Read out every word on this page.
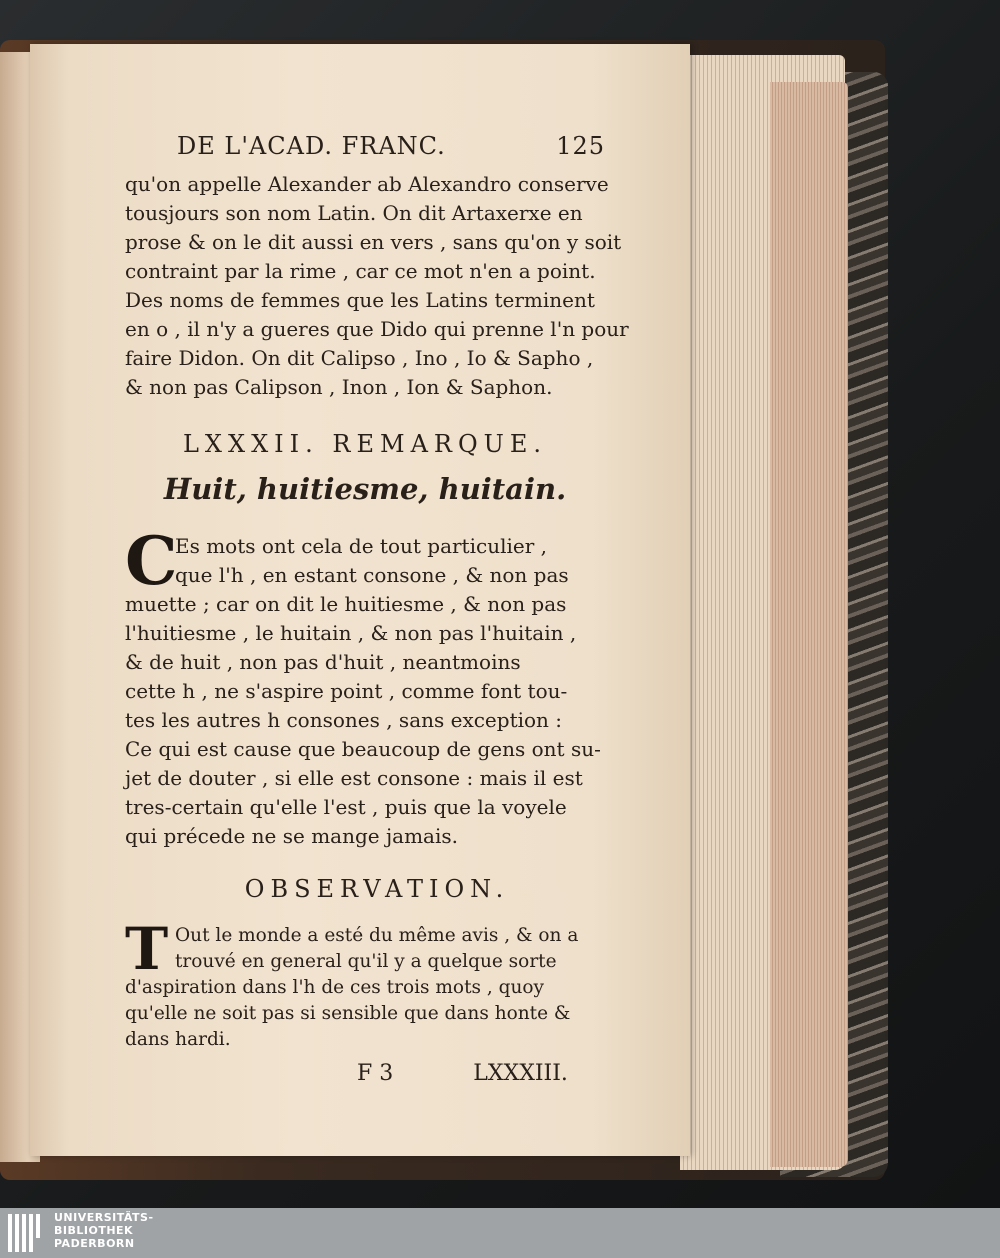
DE L'ACAD. FRANC.	125
qu'on appelle Alexander ab Alexandro conserve
tousjours son nom Latin. On dit Artaxerxe en
prose & on le dit aussi en vers , sans qu'on y soit
contraint par la rime , car ce mot n'en a point.
Des noms de femmes que les Latins terminent
en o , il n'y a gueres que Dido qui prenne l'n pour
faire Didon. On dit Calipso , Ino , Io & Sapho ,
& non pas Calipson , Inon , Ion & Saphon.
LXXXII. REMARQUE.
Huit, huitiesme, huitain.
C
Es mots ont cela de tout particulier ,
que l'h , en estant consone , & non pas
muette ; car on dit le huitiesme , & non pas
l'huitiesme , le huitain , & non pas l'huitain ,
& de huit , non pas d'huit , neantmoins
cette h , ne s'aspire point , comme font tou-
tes les autres h consones , sans exception :
Ce qui est cause que beaucoup de gens ont su-
jet de douter , si elle est consone : mais il est
tres-certain qu'elle l'est , puis que la voyele
qui précede ne se mange jamais.
OBSERVATION.
T Out le monde a esté du même avis , & on a
trouvé en general qu'il y a quelque sorte
d'aspiration dans l'h de ces trois mots , quoy
qu'elle ne soit pas si sensible que dans honte &
dans hardi.
F 3	LXXXIII.
UNIVERSITÄTS-
BIBLIOTHEK
PADERBORN
